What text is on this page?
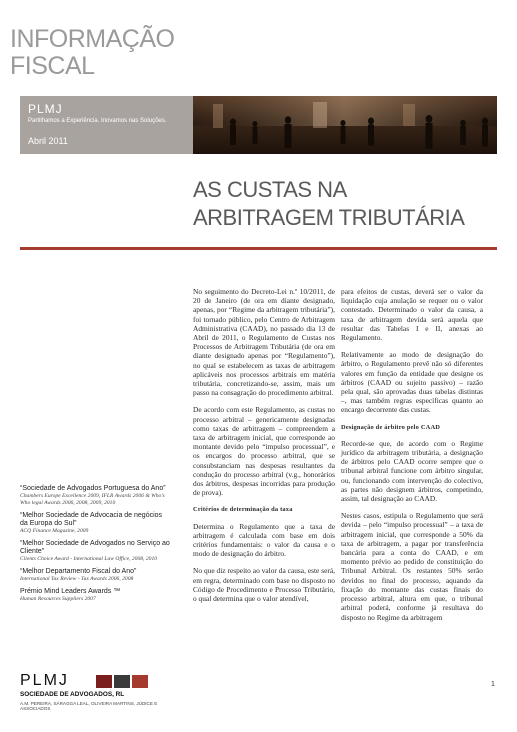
INFORMAÇÃO
FISCAL
PLMJ
Partilhamos a Experiência. Inovamos nas Soluções.
Abril 2011
AS CUSTAS NA
ARBITRAGEM TRIBUTÁRIA

No seguimento do Decreto-Lei n.º 10/2011, de 20 de Janeiro (de ora em diante designado, apenas, por “Regime da arbitragem tributária”), foi tornado público, pelo Centro de Arbitragem Administrativa (CAAD), no passado dia 13 de Abril de 2011, o Regulamento de Custas nos Processos de Arbitragem Tributária (de ora em diante designado apenas por “Regulamento”), no qual se estabelecem as taxas de arbitragem aplicáveis nos processos arbitrais em matéria tributária, concretizando-se, assim, mais um passo na consagração do procedimento arbitral.

De acordo com este Regulamento, as custas no processo arbitral – genericamente designadas como taxas de arbitragem – compreendem a taxa de arbitragem inicial, que corresponde ao montante devido pelo “impulso processual”, e os encargos do processo arbitral, que se consubstanciam nas despesas resultantes da condução do processo arbitral (v.g., honorários dos árbitros, despesas incorridas para produção de prova).

Critérios de determinação da taxa

Determina o Regulamento que a taxa de arbitragem é calculada com base em dois critérios fundamentais: o valor da causa e o modo de designação do árbitro.

No que diz respeito ao valor da causa, este será, em regra, determinado com base no disposto no Código de Procedimento e Processo Tributário, o qual determina que o valor atendível,

para efeitos de custas, deverá ser o valor da liquidação cuja anulação se requer ou o valor contestado. Determinado o valor da causa, a taxa de arbitragem devida será aquela que resultar das Tabelas I e II, anexas ao Regulamento.

Relativamente ao modo de designação do árbitro, o Regulamento prevê não só diferentes valores em função da entidade que designe os árbitros (CAAD ou sujeito passivo) – razão pela qual, são aprovadas duas tabelas distintas –, mas também regras específicas quanto ao encargo decorrente das custas.

Designação de árbitro pelo CAAD

Recorde-se que, de acordo com o Regime jurídico da arbitragem tributária, a designação de árbitros pelo CAAD ocorre sempre que o tribunal arbitral funcione com árbitro singular, ou, funcionando com intervenção do colectivo, as partes não designem árbitros, competindo, assim, tal designação ao CAAD.

Nestes casos, estipula o Regulamento que será devida – pelo “impulso processual” – a taxa de arbitragem inicial, que corresponde a 50% da taxa de arbitragem, a pagar por transferência bancária para a conta do CAAD, e em momento prévio ao pedido de constituição do Tribunal Arbitral. Os restantes 50% serão devidos no final do processo, aquando da fixação do montante das custas finais do processo arbitral, altura em que, o tribunal arbitral poderá, conforme já resultava do disposto no Regime da arbitragem

“Sociedade de Advogados Portuguesa do Ano”
Chambers Europe Excellence 2009, IFLR Awards 2006 & Who’s Who legal Awards 2006, 2008, 2009, 2010
“Melhor Sociedade de Advocacia de negócios da Europa do Sul”
ACQ Finance Magazine, 2009
“Melhor Sociedade de Advogados no Serviço ao Cliente”
Clients Choice Award - International Law Office, 2008, 2010
“Melhor Departamento Fiscal do Ano”
International Tax Review - Tax Awards 2006, 2008
Prémio Mind Leaders Awards ™
Human Resources Suppliers 2007
PLMJ
SOCIEDADE DE ADVOGADOS, RL
A.M. PEREIRA, SÁRAGGA LEAL, OLIVEIRA MARTINS, JÚDICE E ASSOCIADOS
1
